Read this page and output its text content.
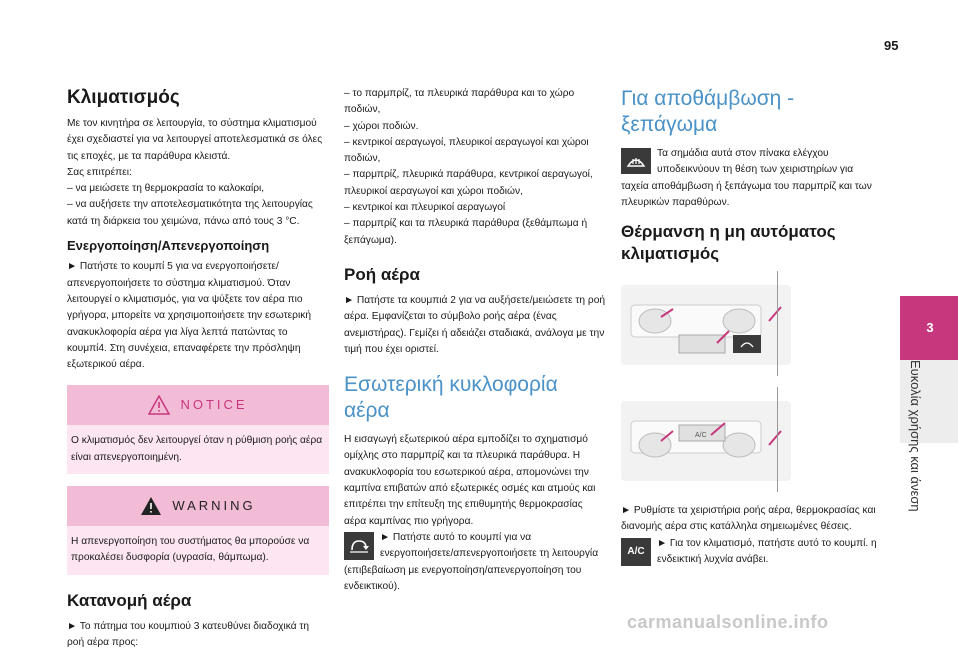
95
3
Ευκολία χρήσης και άνεση
Κλιματισμός

Με τον κινητήρα σε λειτουργία, το σύστημα κλιματισμού έχει σχεδιαστεί για να λειτουργεί αποτελεσματικά σε όλες τις εποχές, με τα παράθυρα κλειστά.

Σας επιτρέπει:

– να μειώσετε τη θερμοκρασία το καλοκαίρι,

– να αυξήσετε την αποτελεσματικότητα της λειτουργίας κατά τη διάρκεια του χειμώνα, πάνω από τους 3 °C.

Ενεργοποίηση/Απενεργοποίηση

► Πατήστε το κουμπί 5 για να ενεργοποιήσετε/απενεργοποιήσετε το σύστημα κλιματισμού. Όταν λειτουργεί ο κλιματισμός, για να ψύξετε τον αέρα πιο γρήγορα, μπορείτε να χρησιμοποιήσετε την εσωτερική ανακυκλοφορία αέρα για λίγα λεπτά πατώντας το κουμπί4. Στη συνέχεια, επαναφέρετε την πρόσληψη εξωτερικού αέρα.

NOTICE

Ο κλιματισμός δεν λειτουργεί όταν η ρύθμιση ροής αέρα είναι απενεργοποιημένη.

WARNING

Η απενεργοποίηση του συστήματος θα μπορούσε να προκαλέσει δυσφορία (υγρασία, θάμπωμα).

Κατανομή αέρα

► Το πάτημα του κουμπιού 3 κατευθύνει διαδοχικά τη ροή αέρα προς:

– το παρμπρίζ, τα πλευρικά παράθυρα και το χώρο ποδιών,
– χώροι ποδιών.
– κεντρικοί αεραγωγοί, πλευρικοί αεραγωγοί και χώροι ποδιών,
– παρμπρίζ, πλευρικά παράθυρα, κεντρικοί αεραγωγοί, πλευρικοί αεραγωγοί και χώροι ποδιών,
– κεντρικοί και πλευρικοί αεραγωγοί
– παρμπρίζ και τα πλευρικά παράθυρα (ξεθάμπωμα ή ξεπάγωμα).

Ροή αέρα

► Πατήστε τα κουμπιά 2 για να αυξήσετε/μειώσετε τη ροή αέρα. Εμφανίζεται το σύμβολο ροής αέρα (ένας ανεμιστήρας). Γεμίζει ή αδειάζει σταδιακά, ανάλογα με την τιμή που έχει οριστεί.

Εσωτερική κυκλοφορία αέρα

Η εισαγωγή εξωτερικού αέρα εμποδίζει το σχηματισμό ομίχλης στο παρμπρίζ και τα πλευρικά παράθυρα. Η ανακυκλοφορία του εσωτερικού αέρα, απομονώνει την καμπίνα επιβατών από εξωτερικές οσμές και ατμούς και επιτρέπει την επίτευξη της επιθυμητής θερμοκρασίας αέρα καμπίνας πιο γρήγορα.

► Πατήστε αυτό το κουμπί για να ενεργοποιήσετε/απενεργοποιήσετε τη λειτουργία (επιβεβαίωση με ενεργοποίηση/απενεργοποίηση του ενδεικτικού).

Για αποθάμβωση - ξεπάγωμα

Τα σημάδια αυτά στον πίνακα ελέγχου υποδεικνύουν τη θέση των χειριστηρίων για ταχεία αποθάμβωση ή ξεπάγωμα του παρμπρίζ και των πλευρικών παραθύρων.

Θέρμανση η μη αυτόματος κλιματισμός
A/C

► Ρυθμίστε τα χειριστήρια ροής αέρα, θερμοκρασίας και διανομής αέρα στις κατάλληλα σημειωμένες θέσεις.

A/C

► Για τον κλιματισμό, πατήστε αυτό το κουμπί. η ενδεικτική λυχνία ανάβει.

carmanualsonline.info
